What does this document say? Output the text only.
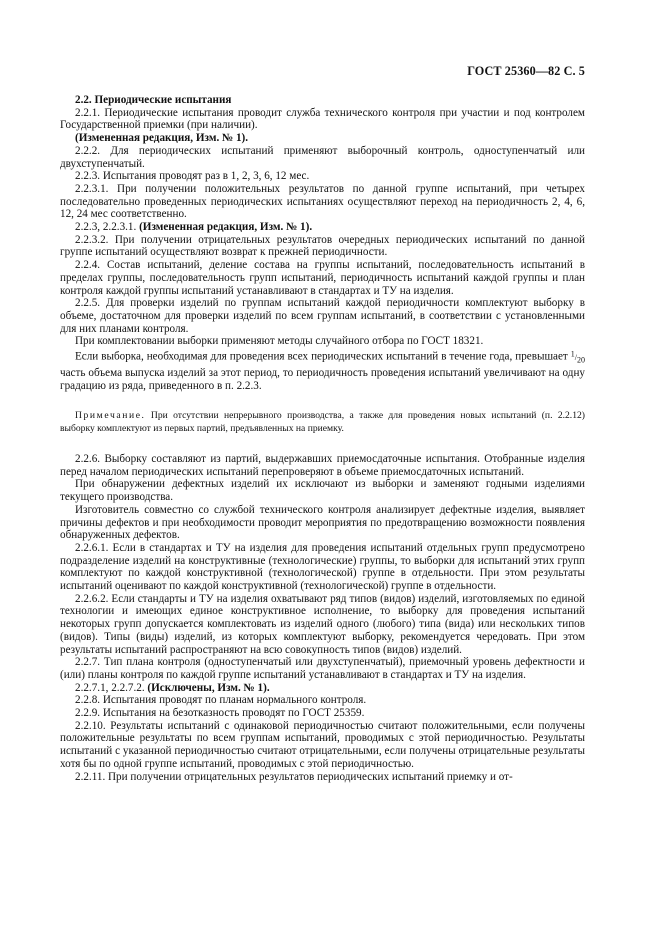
ГОСТ 25360—82 С. 5

2.2. Периодические испытания

2.2.1. Периодические испытания проводит служба технического контроля при участии и под контролем Государственной приемки (при наличии).

(Измененная редакция, Изм. № 1).

2.2.2. Для периодических испытаний применяют выборочный контроль, одноступенчатый или двухступенчатый.

2.2.3. Испытания проводят раз в 1, 2, 3, 6, 12 мес.

2.2.3.1. При получении положительных результатов по данной группе испытаний, при четырех последовательно проведенных периодических испытаниях осуществляют переход на периодичность 2, 4, 6, 12, 24 мес соответственно.

2.2.3, 2.2.3.1. (Измененная редакция, Изм. № 1).

2.2.3.2. При получении отрицательных результатов очередных периодических испытаний по данной группе испытаний осуществляют возврат к прежней периодичности.

2.2.4. Состав испытаний, деление состава на группы испытаний, последовательность испытаний в пределах группы, последовательность групп испытаний, периодичность испытаний каждой группы и план контроля каждой группы испытаний устанавливают в стандартах и ТУ на изделия.

2.2.5. Для проверки изделий по группам испытаний каждой периодичности комплектуют выборку в объеме, достаточном для проверки изделий по всем группам испытаний, в соответствии с установленными для них планами контроля.

При комплектовании выборки применяют методы случайного отбора по ГОСТ 18321.

Если выборка, необходимая для проведения всех периодических испытаний в течение года, превышает $^1/_{20}$ часть объема выпуска изделий за этот период, то периодичность проведения испытаний увеличивают на одну градацию из ряда, приведенного в п. 2.2.3.

Примечание. При отсутствии непрерывного производства, а также для проведения новых испытаний (п. 2.2.12) выборку комплектуют из первых партий, предъявленных на приемку.

2.2.6. Выборку составляют из партий, выдержавших приемосдаточные испытания. Отобранные изделия перед началом периодических испытаний перепроверяют в объеме приемосдаточных испытаний.

При обнаружении дефектных изделий их исключают из выборки и заменяют годными изделиями текущего производства.

Изготовитель совместно со службой технического контроля анализирует дефектные изделия, выявляет причины дефектов и при необходимости проводит мероприятия по предотвращению возможности появления обнаруженных дефектов.

2.2.6.1. Если в стандартах и ТУ на изделия для проведения испытаний отдельных групп предусмотрено подразделение изделий на конструктивные (технологические) группы, то выборки для испытаний этих групп комплектуют по каждой конструктивной (технологической) группе в отдельности. При этом результаты испытаний оценивают по каждой конструктивной (технологической) группе в отдельности.

2.2.6.2. Если стандарты и ТУ на изделия охватывают ряд типов (видов) изделий, изготовляемых по единой технологии и имеющих единое конструктивное исполнение, то выборку для проведения испытаний некоторых групп допускается комплектовать из изделий одного (любого) типа (вида) или нескольких типов (видов). Типы (виды) изделий, из которых комплектуют выборку, рекомендуется чередовать. При этом результаты испытаний распространяют на всю совокупность типов (видов) изделий.

2.2.7. Тип плана контроля (одноступенчатый или двухступенчатый), приемочный уровень дефектности и (или) планы контроля по каждой группе испытаний устанавливают в стандартах и ТУ на изделия.

2.2.7.1, 2.2.7.2. (Исключены, Изм. № 1).

2.2.8. Испытания проводят по планам нормального контроля.

2.2.9. Испытания на безотказность проводят по ГОСТ 25359.

2.2.10. Результаты испытаний с одинаковой периодичностью считают положительными, если получены положительные результаты по всем группам испытаний, проводимых с этой периодичностью. Результаты испытаний с указанной периодичностью считают отрицательными, если получены отрицательные результаты хотя бы по одной группе испытаний, проводимых с этой периодичностью.

2.2.11. При получении отрицательных результатов периодических испытаний приемку и от-
